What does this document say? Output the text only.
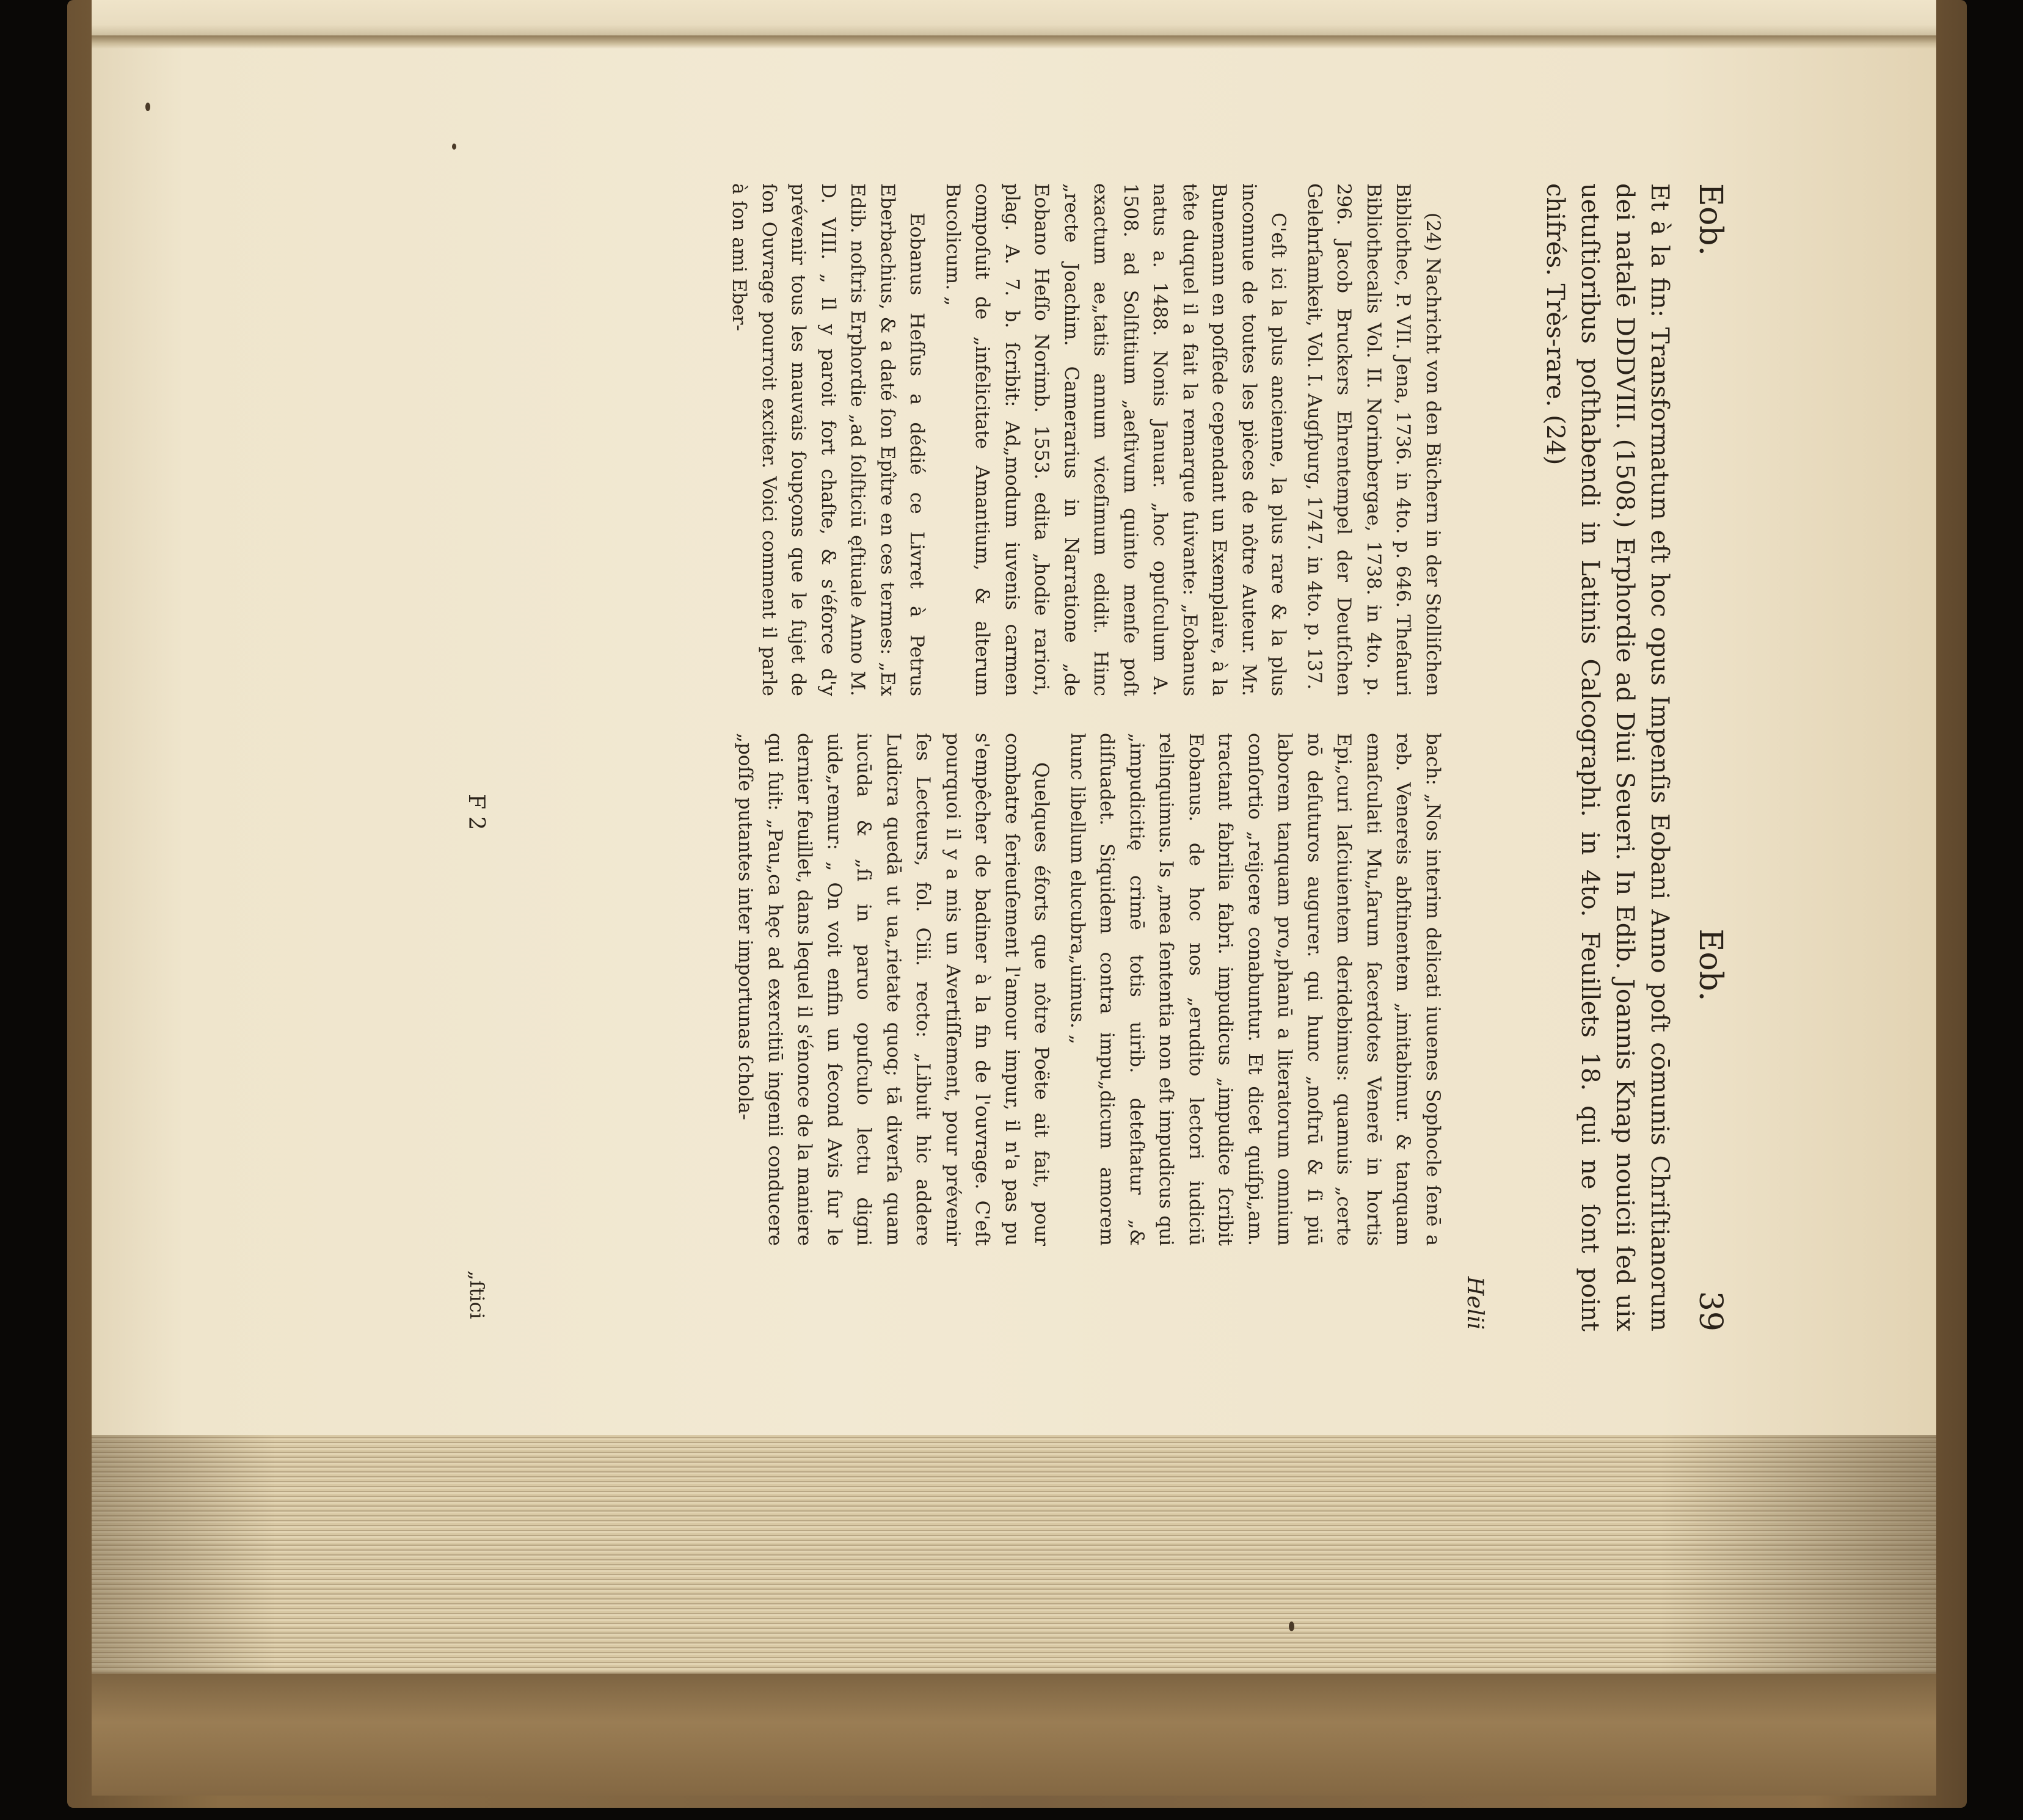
Eob.
Eob.
39
Et à la fin: Transformatum eſt hoc opus Impenſis Eobani Anno poſt cōmunis Chriſtianorum dei natalē DDDVIII. (1508.) Erphordie ad Diui Seueri. In Edib. Joannis Knap nouicii ſed uix uetuſtioribus poſthabendi in Latinis Calcographi. in 4to. Feuillets 18. qui ne ſont point chifrés. Très-rare. (24)

(24) Nachricht von den Büchern in der Stolliſchen Bibliothec, P. VII. Jena, 1736. in 4to. p. 646. Theſauri Bibliothecalis Vol. II. Norimbergae, 1738. in 4to. p. 296. Jacob Bruckers Ehrentempel der Deutſchen Gelehrſamkeit, Vol. I. Augſpurg, 1747. in 4to. p. 137.

C'eſt ici la plus ancienne, la plus rare & la plus inconnue de toutes les pièces de nôtre Auteur. Mr. Bunemann en poſſede cependant un Exemplaire, à la tête duquel il a fait la remarque ſuivante: „Eobanus natus a. 1488. Nonis Januar. „hoc opuſculum A. 1508. ad Solſtitium „aeſtivum quinto menſe poſt exactum ae„tatis annum viceſimum edidit. Hinc „recte Joachim. Camerarius in Narratione „de Eobano Heſſo Norimb. 1553. edita „hodie rariori, plag. A. 7. b. ſcribit: Ad„modum iuvenis carmen compoſuit de „infelicitate Amantium, & alterum Bucolicum. „

Eobanus Heſſus a dédié ce Livret à Petrus Eberbachius, & a daté ſon Epître en ces termes: „Ex Edib. noſtris Erphordie „ad ſolſticiū ęſtiuale Anno M. D. VIII. „ Il y paroit fort chaſte, & s'éforce d'y prévenir tous les mauvais ſoupçons que le ſujet de ſon Ouvrage pourroit exciter. Voici comment il parle à ſon ami Eber-

bach: „Nos interim delicati iuuenes Sophocle ſenē a reb. Venereis abſtinentem „imitabimur. & tanquam emaſculati Mu„ſarum ſacerdotes Venerē in hortis Epi„curi laſciuientem deridebimus: quamuis „certe nō deſuturos augurer. qui hunc „noſtrū & ſi piū laborem tanquam pro„phanū a literatorum omnium conſortio „reijcere conabuntur. Et dicet quiſpi„am. tractant fabrilia fabri. impudicus „impudice ſcribit Eobanus. de hoc nos „erudito lectori iudiciū relinquimus. Is „mea ſententia non eſt impudicus qui „impudicitię crimē totis uirib. deteſtatur „& diſſuadet. Siquidem contra impu„dicum amorem hunc libellum elucubra„uimus. „

Quelques éforts que nôtre Poëte ait fait, pour combatre ſerieuſement l'amour impur, il n'a pas pu s'empêcher de badiner à la fin de l'ouvrage. C'eſt pourquoi il y a mis un Avertiſſement, pour prévenir ſes Lecteurs, fol. Ciii. recto: „Libuit hic addere Ludicra quedā ut ua„rietate quoq; tā diverſa quam iucūda & „ſi in paruo opuſculo lectu digni uide„remur: „ On voit enfin un ſecond Avis ſur le dernier feuillet, dans lequel il s'énonce de la maniere qui ſuit: „Pau„ca hęc ad exercitiū ingenii conducere „poſſe putantes inter importunas ſchola-

Helii
F 2
„ſtici
